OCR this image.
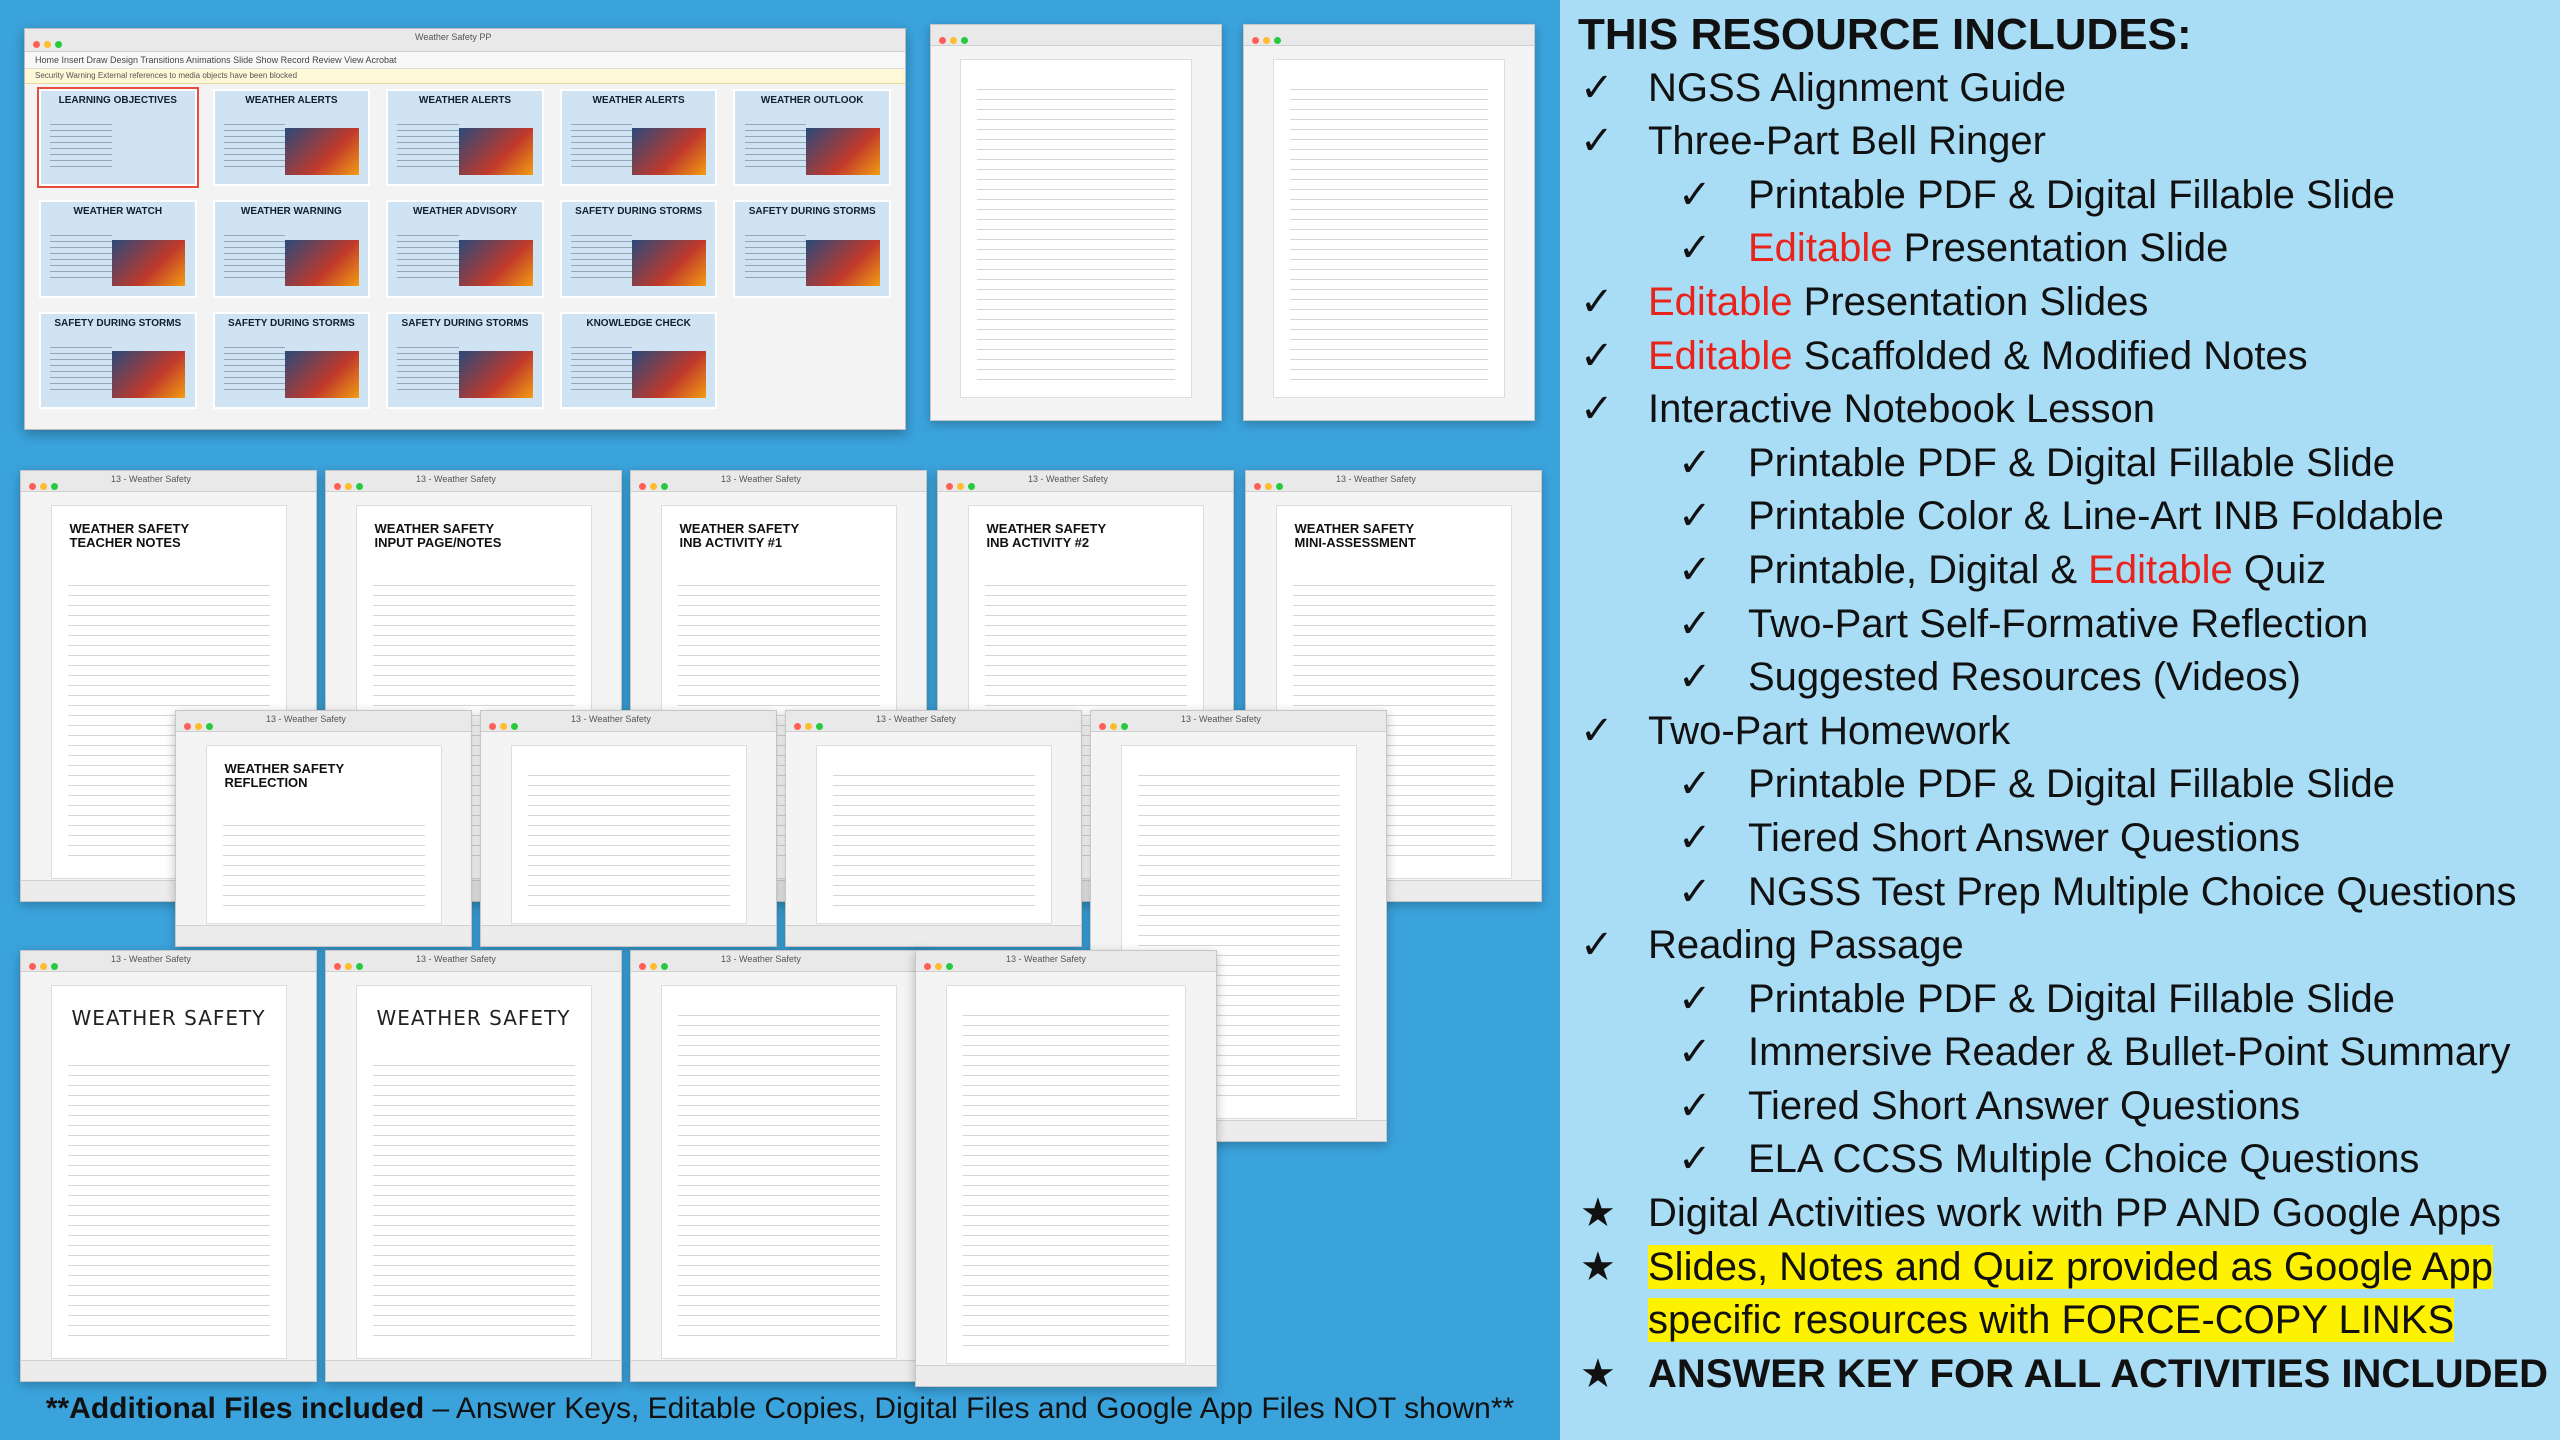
Weather Safety PP
Home Insert Draw Design Transitions Animations Slide Show Record Review View Acrobat
Security Warning External references to media objects have been blocked
LEARNING OBJECTIVES	WEATHER ALERTS	WEATHER ALERTS	WEATHER ALERTS	WEATHER OUTLOOK
WEATHER WATCH	WEATHER WARNING	WEATHER ADVISORY	SAFETY DURING STORMS	SAFETY DURING STORMS
SAFETY DURING STORMS	SAFETY DURING STORMS	SAFETY DURING STORMS	KNOWLEDGE CHECK
13 - Weather Safety
WEATHER SAFETY
TEACHER NOTES
13 - Weather Safety
WEATHER SAFETY
INPUT PAGE/NOTES
13 - Weather Safety
WEATHER SAFETY
INB ACTIVITY #1
13 - Weather Safety
WEATHER SAFETY
INB ACTIVITY #2
13 - Weather Safety
WEATHER SAFETY
MINI-ASSESSMENT
13 - Weather Safety
WEATHER SAFETY
REFLECTION
13 - Weather Safety	13 - Weather Safety	13 - Weather Safety
13 - Weather Safety
WEATHER SAFETY
13 - Weather Safety
WEATHER SAFETY
13 - Weather Safety	13 - Weather Safety
**Additional Files included – Answer Keys, Editable Copies, Digital Files and Google App Files NOT shown**
THIS RESOURCE INCLUDES:
✓ NGSS Alignment Guide
✓ Three-Part Bell Ringer
✓ Printable PDF & Digital Fillable Slide
✓ Editable Presentation Slide
✓ Editable Presentation Slides
✓ Editable Scaffolded & Modified Notes
✓ Interactive Notebook Lesson
✓ Printable PDF & Digital Fillable Slide
✓ Printable Color & Line-Art INB Foldable
✓ Printable, Digital & Editable Quiz
✓ Two-Part Self-Formative Reflection
✓ Suggested Resources (Videos)
✓ Two-Part Homework
✓ Printable PDF & Digital Fillable Slide
✓ Tiered Short Answer Questions
✓ NGSS Test Prep Multiple Choice Questions
✓ Reading Passage
✓ Printable PDF & Digital Fillable Slide
✓ Immersive Reader & Bullet-Point Summary
✓ Tiered Short Answer Questions
✓ ELA CCSS Multiple Choice Questions
★ Digital Activities work with PP AND Google Apps
★ Slides, Notes and Quiz provided as Google App
specific resources with FORCE-COPY LINKS
★ ANSWER KEY FOR ALL ACTIVITIES INCLUDED
